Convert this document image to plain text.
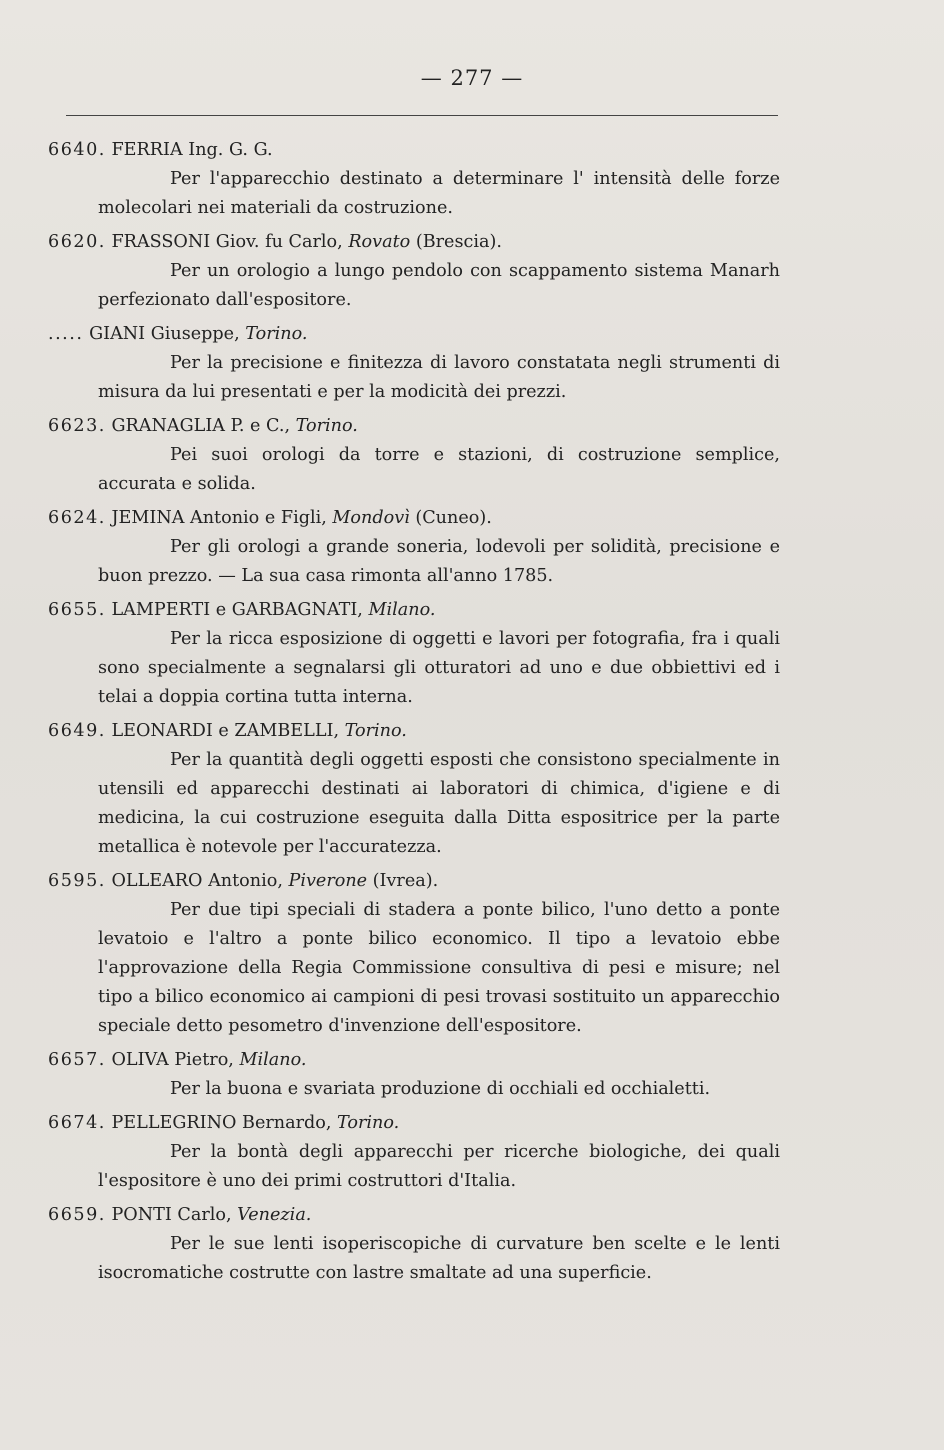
— 277 —
6640. FERRIA Ing. G. G.
Per l'apparecchio destinato a determinare l' intensità delle forze molecolari nei materiali da costruzione.
6620. FRASSONI Giov. fu Carlo, Rovato (Brescia).
Per un orologio a lungo pendolo con scappamento sistema Manarh perfezionato dall'espositore.
..... GIANI Giuseppe, Torino.
Per la precisione e finitezza di lavoro constatata negli strumenti di misura da lui presentati e per la modicità dei prezzi.
6623. GRANAGLIA P. e C., Torino.
Pei suoi orologi da torre e stazioni, di costruzione semplice, accurata e solida.
6624. JEMINA Antonio e Figli, Mondovì (Cuneo).
Per gli orologi a grande soneria, lodevoli per solidità, precisione e buon prezzo. — La sua casa rimonta all'anno 1785.
6655. LAMPERTI e GARBAGNATI, Milano.
Per la ricca esposizione di oggetti e lavori per fotografia, fra i quali sono specialmente a segnalarsi gli otturatori ad uno e due obbiettivi ed i telai a doppia cortina tutta interna.
6649. LEONARDI e ZAMBELLI, Torino.
Per la quantità degli oggetti esposti che consistono specialmente in utensili ed apparecchi destinati ai laboratori di chimica, d'igiene e di medicina, la cui costruzione eseguita dalla Ditta espositrice per la parte metallica è notevole per l'accuratezza.
6595. OLLEARO Antonio, Piverone (Ivrea).
Per due tipi speciali di stadera a ponte bilico, l'uno detto a ponte levatoio e l'altro a ponte bilico economico. Il tipo a levatoio ebbe l'approvazione della Regia Commissione consultiva di pesi e misure; nel tipo a bilico economico ai campioni di pesi trovasi sostituito un apparecchio speciale detto pesometro d'invenzione dell'espositore.
6657. OLIVA Pietro, Milano.
Per la buona e svariata produzione di occhiali ed occhialetti.
6674. PELLEGRINO Bernardo, Torino.
Per la bontà degli apparecchi per ricerche biologiche, dei quali l'espositore è uno dei primi costruttori d'Italia.
6659. PONTI Carlo, Venezia.
Per le sue lenti isoperiscopiche di curvature ben scelte e le lenti isocromatiche costrutte con lastre smaltate ad una superficie.
